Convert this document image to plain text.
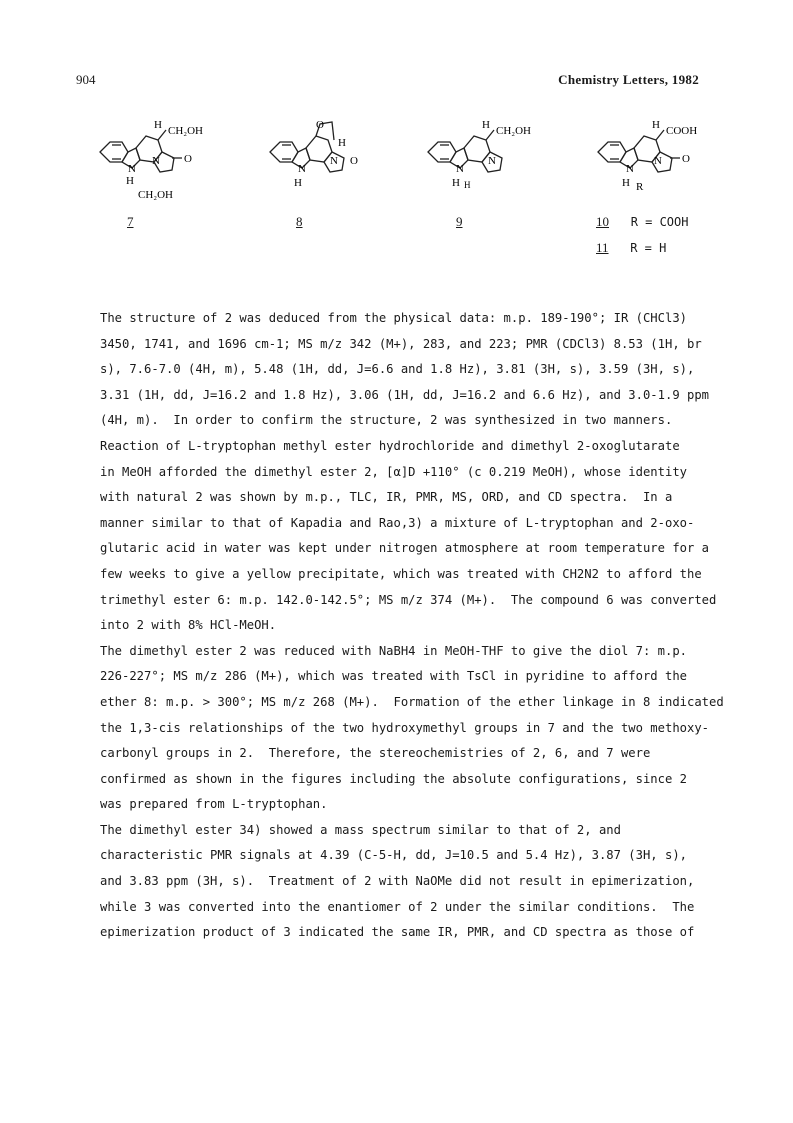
904	Chemistry Letters, 1982
H CH₂OH
N
N O
H
CH₂OH
O
H
N
N O
H
H CH₂OH
N
N
H H
H COOH
N
N O
H R
7	8	9	10 R = COOH
11 R = H
The structure of 2 was deduced from the physical data: m.p. 189-190°; IR (CHCl3)
3450, 1741, and 1696 cm-1; MS m/z 342 (M+), 283, and 223; PMR (CDCl3) 8.53 (1H, br
s), 7.6-7.0 (4H, m), 5.48 (1H, dd, J=6.6 and 1.8 Hz), 3.81 (3H, s), 3.59 (3H, s),
3.31 (1H, dd, J=16.2 and 1.8 Hz), 3.06 (1H, dd, J=16.2 and 6.6 Hz), and 3.0-1.9 ppm
(4H, m).  In order to confirm the structure, 2 was synthesized in two manners.
Reaction of L-tryptophan methyl ester hydrochloride and dimethyl 2-oxoglutarate
in MeOH afforded the dimethyl ester 2, [α]D +110° (c 0.219 MeOH), whose identity
with natural 2 was shown by m.p., TLC, IR, PMR, MS, ORD, and CD spectra.  In a
manner similar to that of Kapadia and Rao,3) a mixture of L-tryptophan and 2-oxo-
glutaric acid in water was kept under nitrogen atmosphere at room temperature for a
few weeks to give a yellow precipitate, which was treated with CH2N2 to afford the
trimethyl ester 6: m.p. 142.0-142.5°; MS m/z 374 (M+).  The compound 6 was converted
into 2 with 8% HCl-MeOH.
The dimethyl ester 2 was reduced with NaBH4 in MeOH-THF to give the diol 7: m.p.
226-227°; MS m/z 286 (M+), which was treated with TsCl in pyridine to afford the
ether 8: m.p. > 300°; MS m/z 268 (M+).  Formation of the ether linkage in 8 indicated
the 1,3-cis relationships of the two hydroxymethyl groups in 7 and the two methoxy-
carbonyl groups in 2.  Therefore, the stereochemistries of 2, 6, and 7 were
confirmed as shown in the figures including the absolute configurations, since 2
was prepared from L-tryptophan.
The dimethyl ester 34) showed a mass spectrum similar to that of 2, and
characteristic PMR signals at 4.39 (C-5-H, dd, J=10.5 and 5.4 Hz), 3.87 (3H, s),
and 3.83 ppm (3H, s).  Treatment of 2 with NaOMe did not result in epimerization,
while 3 was converted into the enantiomer of 2 under the similar conditions.  The
epimerization product of 3 indicated the same IR, PMR, and CD spectra as those of
